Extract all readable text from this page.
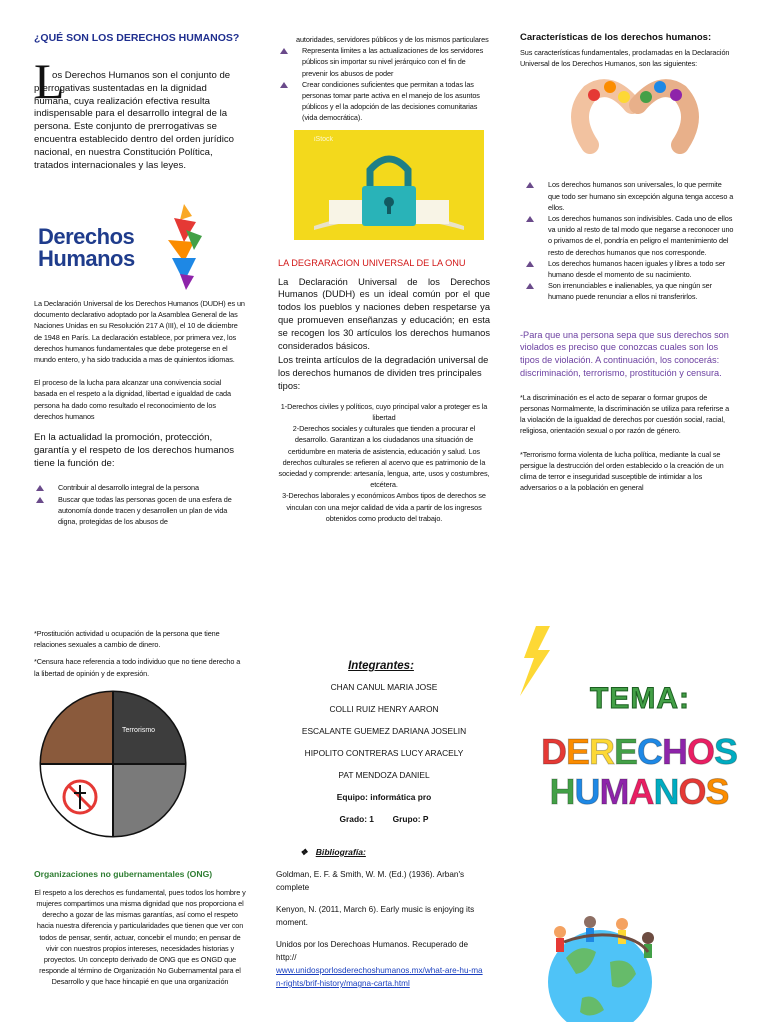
¿QUÉ SON LOS DERECHOS HUMANOS?
L
os Derechos Humanos son el conjunto de prerrogativas sustentadas en la dignidad humana, cuya realización efectiva resulta indispensable para el desarrollo integral de la persona. Este conjunto de prerrogativas se encuentra establecido dentro del orden jurídico nacional, en nuestra Constitución Política, tratados internacionales y las leyes.
Derechos
Humanos
La Declaración Universal de los Derechos Humanos (DUDH) es un documento declarativo adoptado por la Asamblea General de las Naciones Unidas en su Resolución 217 A (III), el 10 de diciembre de 1948 en París. La declaración establece, por primera vez, los derechos humanos fundamentales que debe protegerse en el mundo entero, y ha sido traducida a mas de quinientos idiomas.
El proceso de la lucha para alcanzar una convivencia social basada en el respeto a la dignidad, libertad e igualdad de cada persona ha dado como resultado el reconocimiento de los derechos humanos
En la actualidad la promoción, protección, garantía y el respeto de los derechos humanos tiene la función de:
Contribuir al desarrollo integral de la persona
Buscar que todas las personas gocen de una esfera de autonomía donde tracen y desarrollen un plan de vida digna, protegidas de los abusos de
autoridades, servidores públicos y de los mismos particulares
Representa limites a las actualizaciones de los servidores públicos sin importar su nivel jerárquico con el fin de prevenir los abusos de poder
Crear condiciones suficientes que permitan a todas las personas tomar parte activa en el manejo de los asuntos públicos y el la adopción de las decisiones comunitarias (vida democrática).
iStock
LA DEGRARACION UNIVERSAL DE LA ONU
La Declaración Universal de los Derechos Humanos (DUDH) es un ideal común por el que todos los pueblos y naciones deben respetarse ya que promueven enseñanzas y educación; en esta se recogen los 30 artículos los derechos humanos considerados básicos.
Los treinta artículos de la degradación universal de los derechos humanos de dividen tres principales tipos:
1-Derechos civiles y políticos, cuyo principal valor a proteger es la libertad
2-Derechos sociales y culturales que tienden a procurar el desarrollo. Garantizan a los ciudadanos una situación de certidumbre en materia de asistencia, educación y salud. Los derechos culturales se refieren al acervo que es patrimonio de la sociedad y comprende: artesanía, lengua, arte, usos y costumbres, etcétera.
3-Derechos laborales y económicos Ambos tipos de derechos se vinculan con una mejor calidad de vida a partir de los ingresos obtenidos como producto del trabajo.
Características de los derechos humanos:
Sus características fundamentales, proclamadas en la Declaración Universal de los Derechos Humanos, son las siguientes:
Los derechos humanos son universales, lo que permite que todo ser humano sin excepción alguna tenga acceso a ellos.
Los derechos humanos son indivisibles. Cada uno de ellos va unido al resto de tal modo que negarse a reconocer uno o privarnos de el, pondría en peligro el mantenimiento del resto de derechos humanos que nos corresponde.
Los derechos humanos hacen iguales y libres a todo ser humano desde el momento de su nacimiento.
Son irrenunciables e inalienables, ya que ningún ser humano puede renunciar a ellos ni transferirlos.
-Para que una persona sepa que sus derechos son violados es preciso que conozcas cuales son los tipos de violación. A continuación, los conocerás: discriminación, terrorismo, prostitución y censura.
*La discriminación es el acto de separar o formar grupos de personas Normalmente, la discriminación se utiliza para referirse a la violación de la igualdad de derechos por cuestión social, racial, religiosa, orientación sexual o por razón de género.
*Terrorismo forma violenta de lucha política, mediante la cual se persigue la destrucción del orden establecido o la creación de un clima de terror e inseguridad susceptible de intimidar a los adversarios o a la población en general
*Prostitución actividad u ocupación de la persona que tiene relaciones sexuales a cambio de dinero.
*Censura hace referencia a todo individuo que no tiene derecho a la libertad de opinión y de expresión.
Terrorismo
Organizaciones no gubernamentales (ONG)
El respeto a los derechos es fundamental, pues todos los hombre y mujeres compartimos una misma dignidad que nos proporciona el derecho a gozar de las mismas garantías, así como el respeto hacia nuestra diferencia y particularidades que tienen que ver con todos de pensar, sentir, actuar, concebir el mundo; en pensar de vivir con nuestros propios intereses, necesidades historias y proyectos. Un concepto derivado de ONG que es ONGD que responde al término de Organización No Gubernamental para el Desarrollo y que hace hincapié en que una organización
Integrantes:
CHAN CANUL MARIA JOSE
COLLI RUIZ HENRY AARON
ESCALANTE GUEMEZ DARIANA JOSELIN
HIPOLITO CONTRERAS LUCY ARACELY
PAT MENDOZA DANIEL
Equipo: informática pro
Grado: 1 Grupo: P
❖ Bibliografía:
Goldman, E. F. & Smith, W. M. (Ed.) (1936). Arban's complete
Kenyon, N. (2011, March 6). Early music is enjoying its moment.
Unidos por los Derechoas Humanos. Recuperado de http://
www.unidosporlosderechoshumanos.mx/what-are-hu-man-rights/brif-history/magna-carta.html
TEMA:
DERECHOS
HUMANOS
